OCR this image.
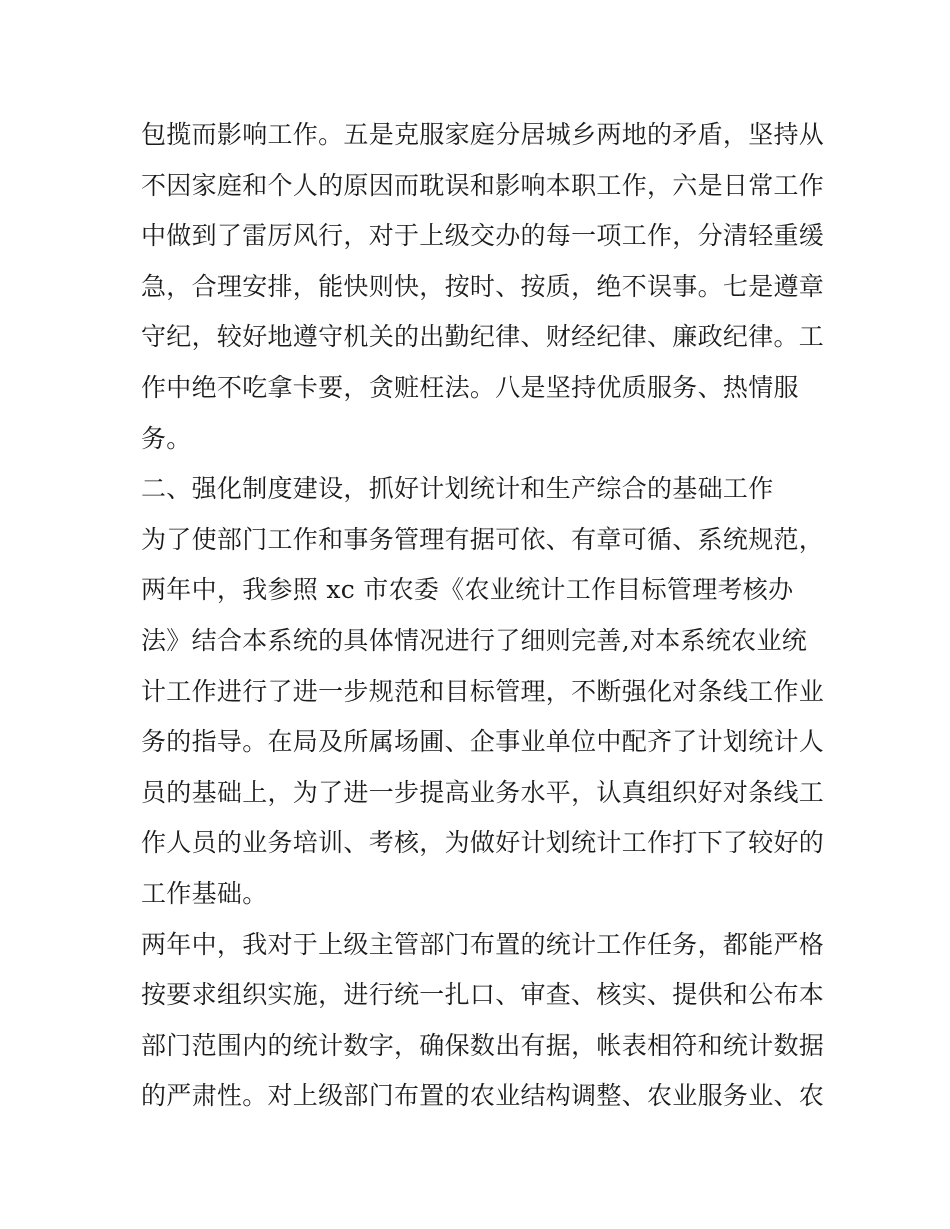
包揽而影响工作。五是克服家庭分居城乡两地的矛盾，坚持从
不因家庭和个人的原因而耽误和影响本职工作，六是日常工作
中做到了雷厉风行，对于上级交办的每一项工作，分清轻重缓
急，合理安排，能快则快，按时、按质，绝不误事。七是遵章
守纪，较好地遵守机关的出勤纪律、财经纪律、廉政纪律。工
作中绝不吃拿卡要，贪赃枉法。八是坚持优质服务、热情服
务。
二、强化制度建设，抓好计划统计和生产综合的基础工作
为了使部门工作和事务管理有据可依、有章可循、系统规范，
两年中，我参照 xc 市农委《农业统计工作目标管理考核办
法》结合本系统的具体情况进行了细则完善,对本系统农业统
计工作进行了进一步规范和目标管理，不断强化对条线工作业
务的指导。在局及所属场圃、企事业单位中配齐了计划统计人
员的基础上，为了进一步提高业务水平，认真组织好对条线工
作人员的业务培训、考核，为做好计划统计工作打下了较好的
工作基础。
两年中，我对于上级主管部门布置的统计工作任务，都能严格
按要求组织实施，进行统一扎口、审查、核实、提供和公布本
部门范围内的统计数字，确保数出有据，帐表相符和统计数据
的严肃性。对上级部门布置的农业结构调整、农业服务业、农
